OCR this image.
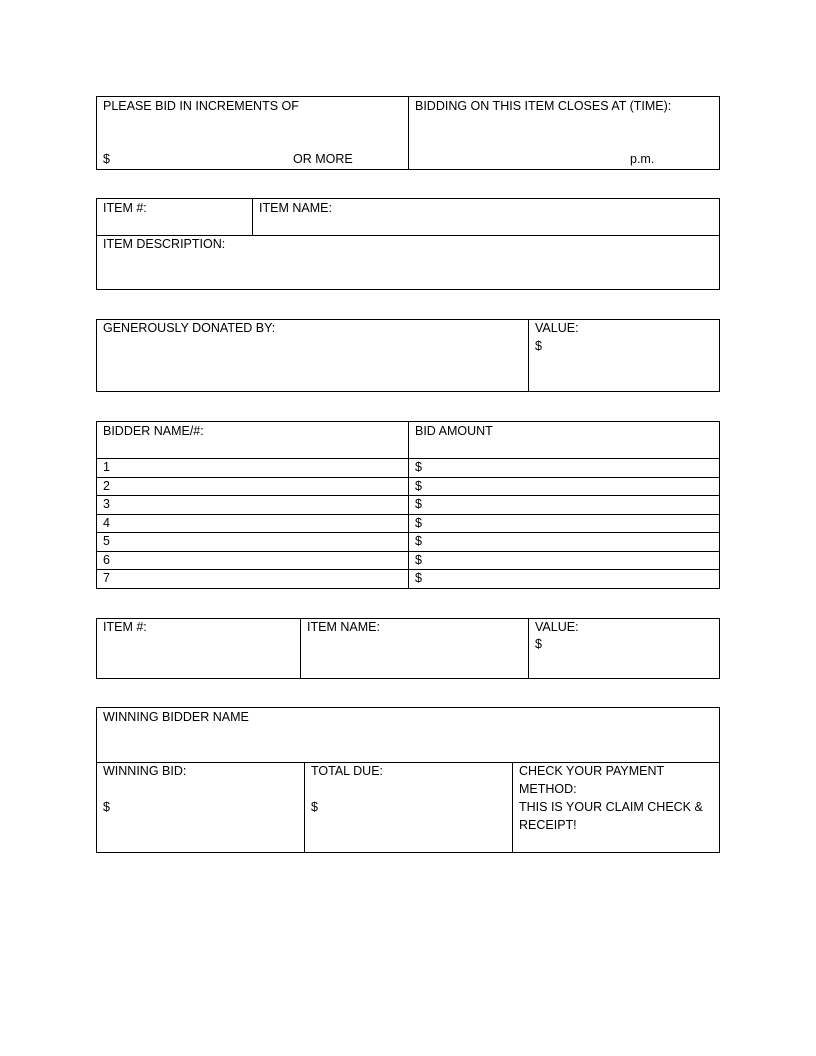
PLEASE BID IN INCREMENTS OF
$	OR MORE
BIDDING ON THIS ITEM CLOSES AT (TIME):
p.m.
ITEM #:	ITEM NAME:
ITEM DESCRIPTION:
GENEROUSLY DONATED BY:	VALUE:
$
BIDDER NAME/#:	BID AMOUNT
1	$
2	$
3	$
4	$
5	$
6	$
7	$
ITEM #:	ITEM NAME:	VALUE:
$
WINNING BIDDER NAME
WINNING BID:
$
TOTAL DUE:
$
CHECK YOUR PAYMENT METHOD:
THIS IS YOUR CLAIM CHECK & RECEIPT!
